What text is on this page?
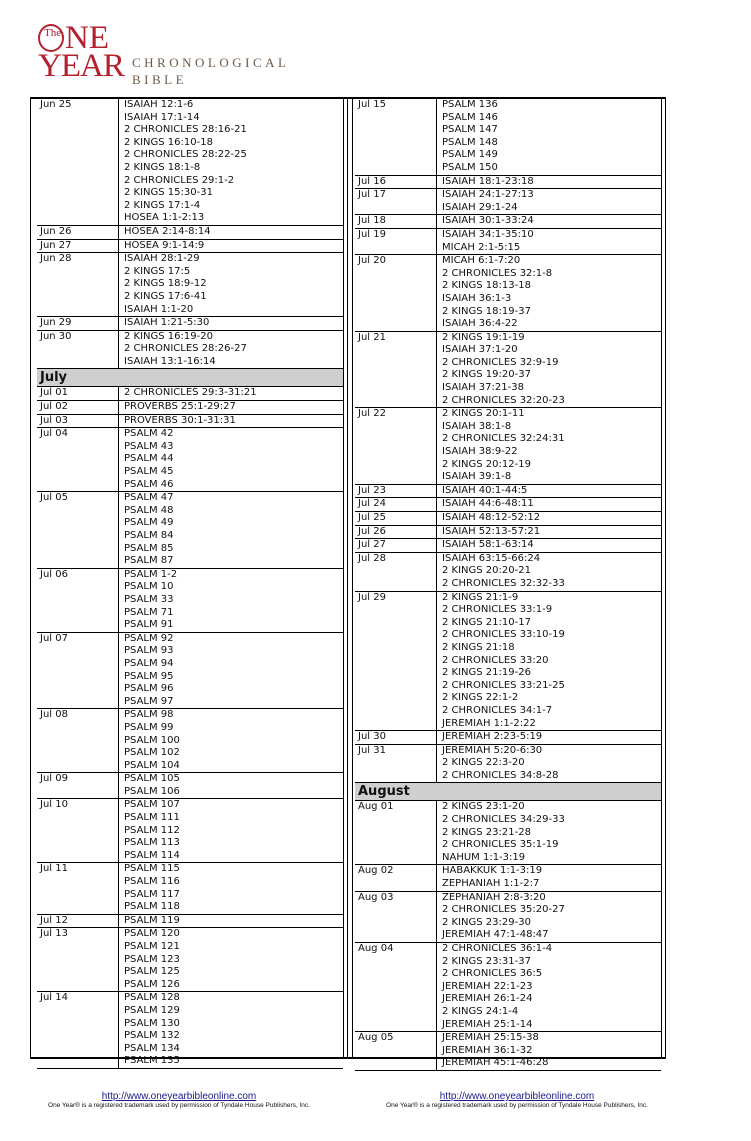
The NE
YEAR CHRONOLOGICAL
BIBLE
Jun 25	ISAIAH 12:1-6
ISAIAH 17:1-14
2 CHRONICLES 28:16-21
2 KINGS 16:10-18
2 CHRONICLES 28:22-25
2 KINGS 18:1-8
2 CHRONICLES 29:1-2
2 KINGS 15:30-31
2 KINGS 17:1-4
HOSEA 1:1-2:13
Jun 26	HOSEA 2:14-8:14
Jun 27	HOSEA 9:1-14:9
Jun 28	ISAIAH 28:1-29
2 KINGS 17:5
2 KINGS 18:9-12
2 KINGS 17:6-41
ISAIAH 1:1-20
Jun 29	ISAIAH 1:21-5:30
Jun 30	2 KINGS 16:19-20
2 CHRONICLES 28:26-27
ISAIAH 13:1-16:14
July
Jul 01	2 CHRONICLES 29:3-31:21
Jul 02	PROVERBS 25:1-29:27
Jul 03	PROVERBS 30:1-31:31
Jul 04	PSALM 42
PSALM 43
PSALM 44
PSALM 45
PSALM 46
Jul 05	PSALM 47
PSALM 48
PSALM 49
PSALM 84
PSALM 85
PSALM 87
Jul 06	PSALM 1-2
PSALM 10
PSALM 33
PSALM 71
PSALM 91
Jul 07	PSALM 92
PSALM 93
PSALM 94
PSALM 95
PSALM 96
PSALM 97
Jul 08	PSALM 98
PSALM 99
PSALM 100
PSALM 102
PSALM 104
Jul 09	PSALM 105
PSALM 106
Jul 10	PSALM 107
PSALM 111
PSALM 112
PSALM 113
PSALM 114
Jul 11	PSALM 115
PSALM 116
PSALM 117
PSALM 118
Jul 12	PSALM 119
Jul 13	PSALM 120
PSALM 121
PSALM 123
PSALM 125
PSALM 126
Jul 14	PSALM 128
PSALM 129
PSALM 130
PSALM 132
PSALM 134
PSALM 135
Jul 15	PSALM 136
PSALM 146
PSALM 147
PSALM 148
PSALM 149
PSALM 150
Jul 16	ISAIAH 18:1-23:18
Jul 17	ISAIAH 24:1-27:13
ISAIAH 29:1-24
Jul 18	ISAIAH 30:1-33:24
Jul 19	ISAIAH 34:1-35:10
MICAH 2:1-5:15
Jul 20	MICAH 6:1-7:20
2 CHRONICLES 32:1-8
2 KINGS 18:13-18
ISAIAH 36:1-3
2 KINGS 18:19-37
ISAIAH 36:4-22
Jul 21	2 KINGS 19:1-19
ISAIAH 37:1-20
2 CHRONICLES 32:9-19
2 KINGS 19:20-37
ISAIAH 37:21-38
2 CHRONICLES 32:20-23
Jul 22	2 KINGS 20:1-11
ISAIAH 38:1-8
2 CHRONICLES 32:24:31
ISAIAH 38:9-22
2 KINGS 20:12-19
ISAIAH 39:1-8
Jul 23	ISAIAH 40:1-44:5
Jul 24	ISAIAH 44:6-48:11
Jul 25	ISAIAH 48:12-52:12
Jul 26	ISAIAH 52:13-57:21
Jul 27	ISAIAH 58:1-63:14
Jul 28	ISAIAH 63:15-66:24
2 KINGS 20:20-21
2 CHRONICLES 32:32-33
Jul 29	2 KINGS 21:1-9
2 CHRONICLES 33:1-9
2 KINGS 21:10-17
2 CHRONICLES 33:10-19
2 KINGS 21:18
2 CHRONICLES 33:20
2 KINGS 21:19-26
2 CHRONICLES 33:21-25
2 KINGS 22:1-2
2 CHRONICLES 34:1-7
JEREMIAH 1:1-2:22
Jul 30	JEREMIAH 2:23-5:19
Jul 31	JEREMIAH 5:20-6:30
2 KINGS 22:3-20
2 CHRONICLES 34:8-28
August
Aug 01	2 KINGS 23:1-20
2 CHRONICLES 34:29-33
2 KINGS 23:21-28
2 CHRONICLES 35:1-19
NAHUM 1:1-3:19
Aug 02	HABAKKUK 1:1-3:19
ZEPHANIAH 1:1-2:7
Aug 03	ZEPHANIAH 2:8-3:20
2 CHRONICLES 35:20-27
2 KINGS 23:29-30
JEREMIAH 47:1-48:47
Aug 04	2 CHRONICLES 36:1-4
2 KINGS 23:31-37
2 CHRONICLES 36:5
JEREMIAH 22:1-23
JEREMIAH 26:1-24
2 KINGS 24:1-4
JEREMIAH 25:1-14
Aug 05	JEREMIAH 25:15-38
JEREMIAH 36:1-32
JEREMIAH 45:1-46:28
http://www.oneyearbibleonline.com
One Year® is a registered trademark used by permission of Tyndale House Publishers, Inc.
http://www.oneyearbibleonline.com
One Year® is a registered trademark used by permission of Tyndale House Publishers, Inc.
